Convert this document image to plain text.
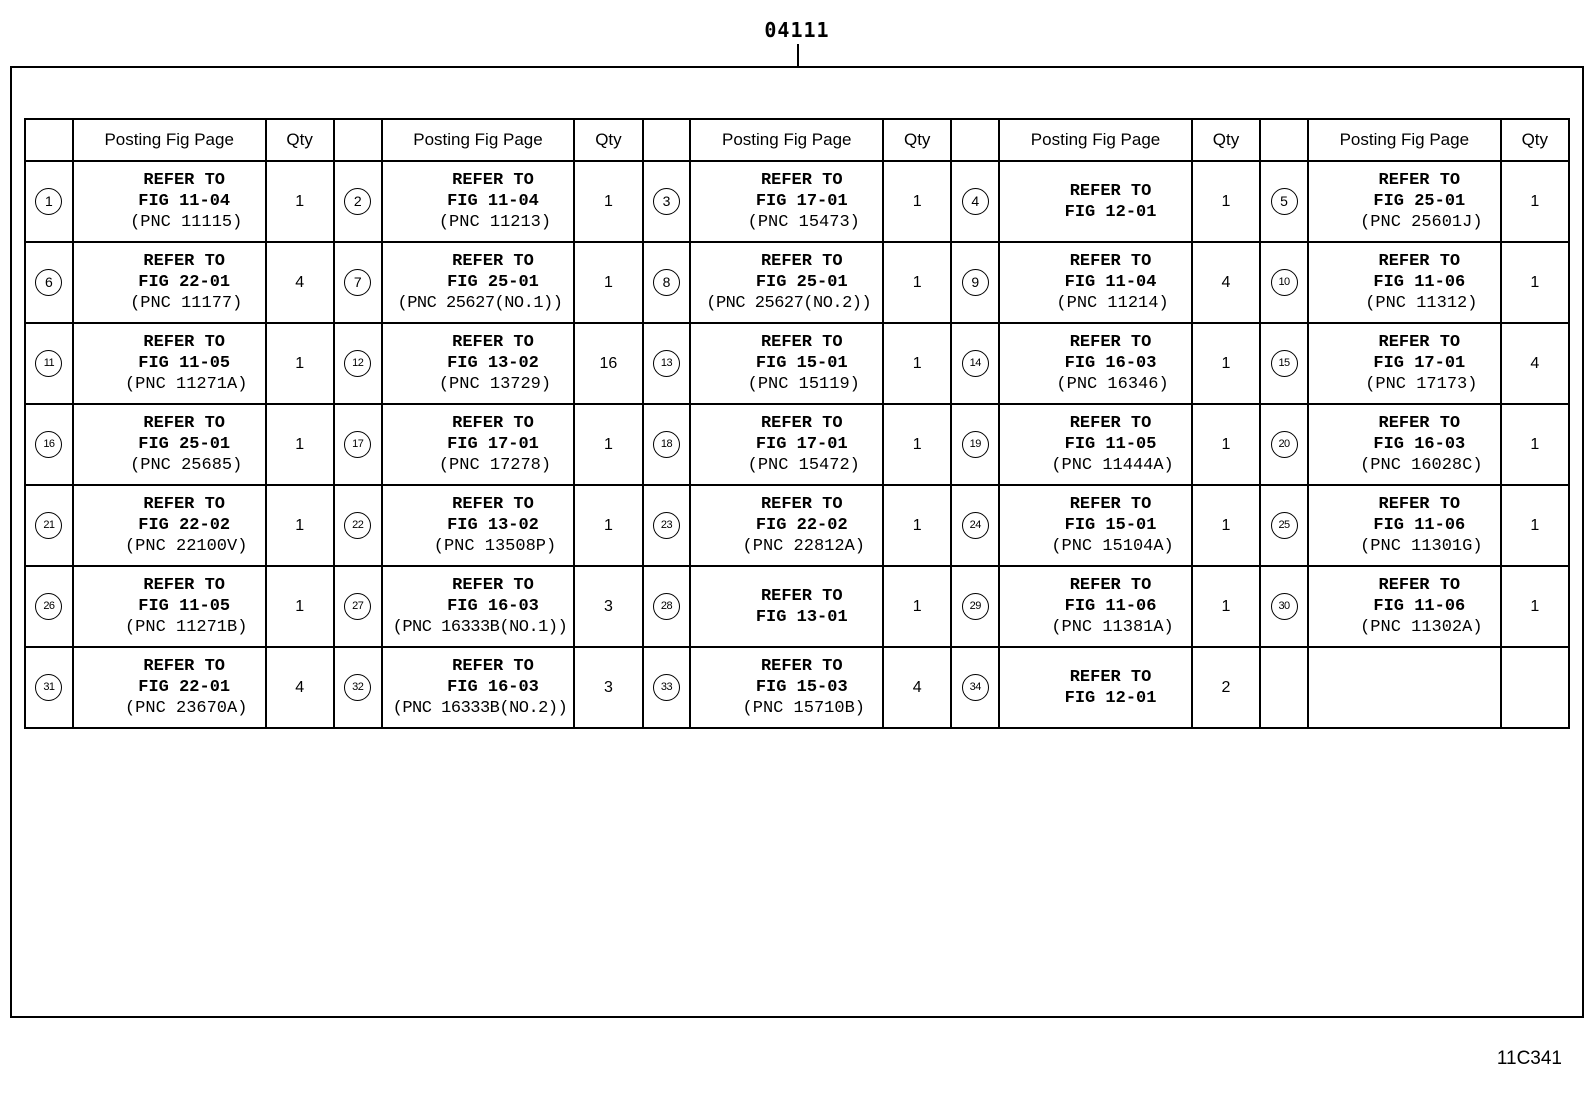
04111
	Posting Fig Page	Qty		Posting Fig Page	Qty		Posting Fig Page	Qty		Posting Fig Page	Qty		Posting Fig Page	Qty
1	REFER TO
FIG 11-04
(PNC 11115)	1	2	REFER TO
FIG 11-04
(PNC 11213)	1	3	REFER TO
FIG 17-01
(PNC 15473)	1	4	REFER TO
FIG 12-01	1	5	REFER TO
FIG 25-01
(PNC 25601J)	1
6	REFER TO
FIG 22-01
(PNC 11177)	4	7	REFER TO
FIG 25-01
(PNC 25627(NO.1))	1	8	REFER TO
FIG 25-01
(PNC 25627(NO.2))	1	9	REFER TO
FIG 11-04
(PNC 11214)	4	10	REFER TO
FIG 11-06
(PNC 11312)	1
11	REFER TO
FIG 11-05
(PNC 11271A)	1	12	REFER TO
FIG 13-02
(PNC 13729)	16	13	REFER TO
FIG 15-01
(PNC 15119)	1	14	REFER TO
FIG 16-03
(PNC 16346)	1	15	REFER TO
FIG 17-01
(PNC 17173)	4
16	REFER TO
FIG 25-01
(PNC 25685)	1	17	REFER TO
FIG 17-01
(PNC 17278)	1	18	REFER TO
FIG 17-01
(PNC 15472)	1	19	REFER TO
FIG 11-05
(PNC 11444A)	1	20	REFER TO
FIG 16-03
(PNC 16028C)	1
21	REFER TO
FIG 22-02
(PNC 22100V)	1	22	REFER TO
FIG 13-02
(PNC 13508P)	1	23	REFER TO
FIG 22-02
(PNC 22812A)	1	24	REFER TO
FIG 15-01
(PNC 15104A)	1	25	REFER TO
FIG 11-06
(PNC 11301G)	1
26	REFER TO
FIG 11-05
(PNC 11271B)	1	27	REFER TO
FIG 16-03
(PNC 16333B(NO.1))	3	28	REFER TO
FIG 13-01	1	29	REFER TO
FIG 11-06
(PNC 11381A)	1	30	REFER TO
FIG 11-06
(PNC 11302A)	1
31	REFER TO
FIG 22-01
(PNC 23670A)	4	32	REFER TO
FIG 16-03
(PNC 16333B(NO.2))	3	33	REFER TO
FIG 15-03
(PNC 15710B)	4	34	REFER TO
FIG 12-01	2			
11C341
